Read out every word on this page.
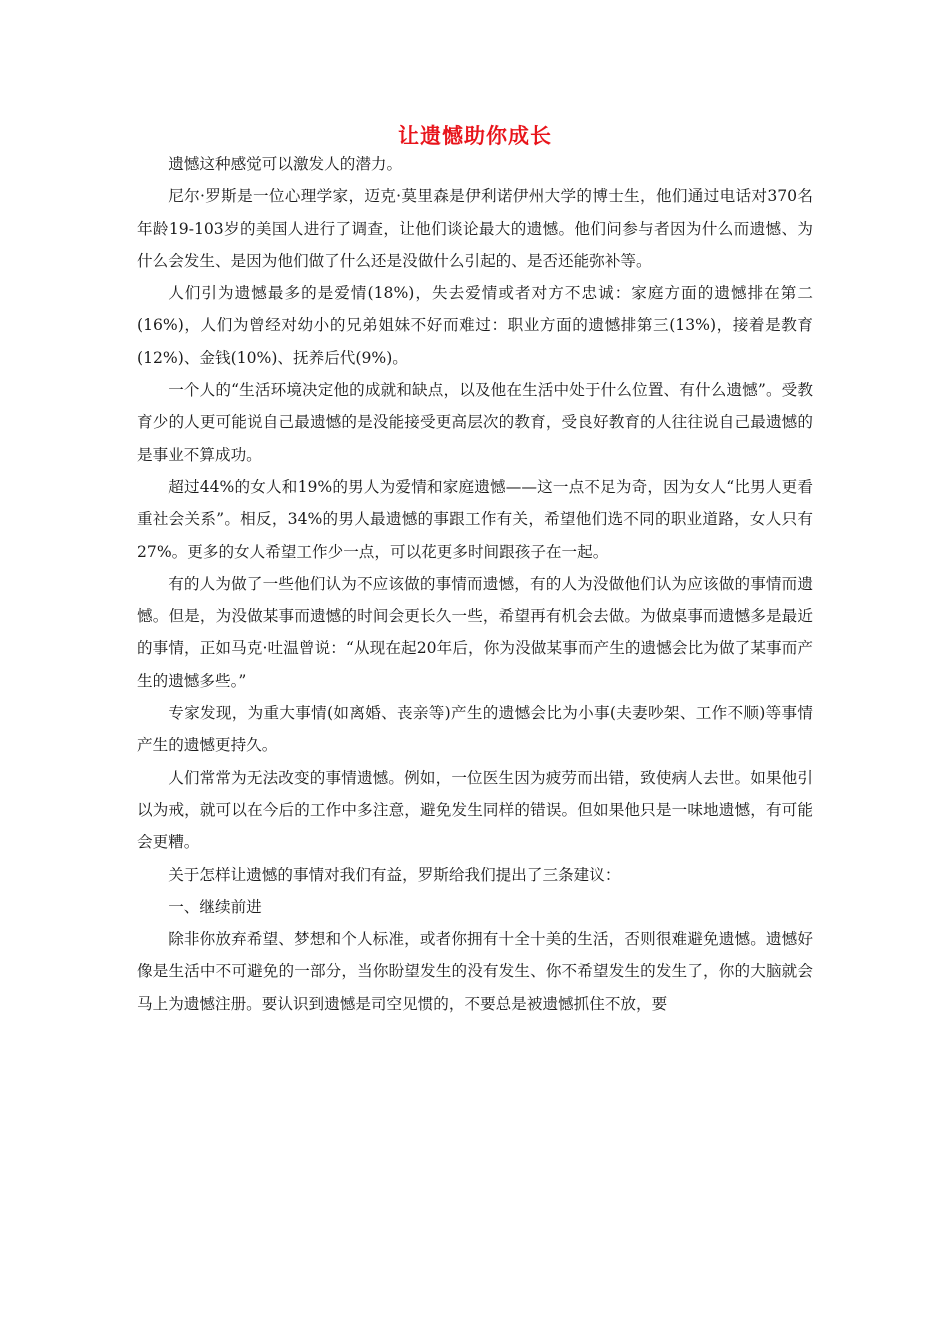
让遗憾助你成长

遗憾这种感觉可以激发人的潜力。

尼尔·罗斯是一位心理学家，迈克·莫里森是伊利诺伊州大学的博士生，他们通过电话对370名年龄19-103岁的美国人进行了调查，让他们谈论最大的遗憾。他们问参与者因为什么而遗憾、为什么会发生、是因为他们做了什么还是没做什么引起的、是否还能弥补等。

人们引为遗憾最多的是爱情(18%)，失去爱情或者对方不忠诚：家庭方面的遗憾排在第二(16%)，人们为曾经对幼小的兄弟姐妹不好而难过：职业方面的遗憾排第三(13%)，接着是教育(12%)、金钱(10%)、抚养后代(9%)。

一个人的“生活环境决定他的成就和缺点，以及他在生活中处于什么位置、有什么遗憾”。受教育少的人更可能说自己最遗憾的是没能接受更高层次的教育，受良好教育的人往往说自己最遗憾的是事业不算成功。

超过44%的女人和19%的男人为爱情和家庭遗憾——这一点不足为奇，因为女人“比男人更看重社会关系”。相反，34%的男人最遗憾的事跟工作有关，希望他们选不同的职业道路，女人只有27%。更多的女人希望工作少一点，可以花更多时间跟孩子在一起。

有的人为做了一些他们认为不应该做的事情而遗憾，有的人为没做他们认为应该做的事情而遗憾。但是，为没做某事而遗憾的时间会更长久一些，希望再有机会去做。为做桌事而遗憾多是最近的事情，正如马克·吐温曾说：“从现在起20年后，你为没做某事而产生的遗憾会比为做了某事而产生的遗憾多些。”

专家发现，为重大事情(如离婚、丧亲等)产生的遗憾会比为小事(夫妻吵架、工作不顺)等事情产生的遗憾更持久。

人们常常为无法改变的事情遗憾。例如，一位医生因为疲劳而出错，致使病人去世。如果他引以为戒，就可以在今后的工作中多注意，避免发生同样的错误。但如果他只是一味地遗憾，有可能会更糟。

关于怎样让遗憾的事情对我们有益，罗斯给我们提出了三条建议：

一、继续前进

除非你放弃希望、梦想和个人标准，或者你拥有十全十美的生活，否则很难避免遗憾。遗憾好像是生活中不可避免的一部分，当你盼望发生的没有发生、你不希望发生的发生了，你的大脑就会马上为遗憾注册。要认识到遗憾是司空见惯的，不要总是被遗憾抓住不放，要
